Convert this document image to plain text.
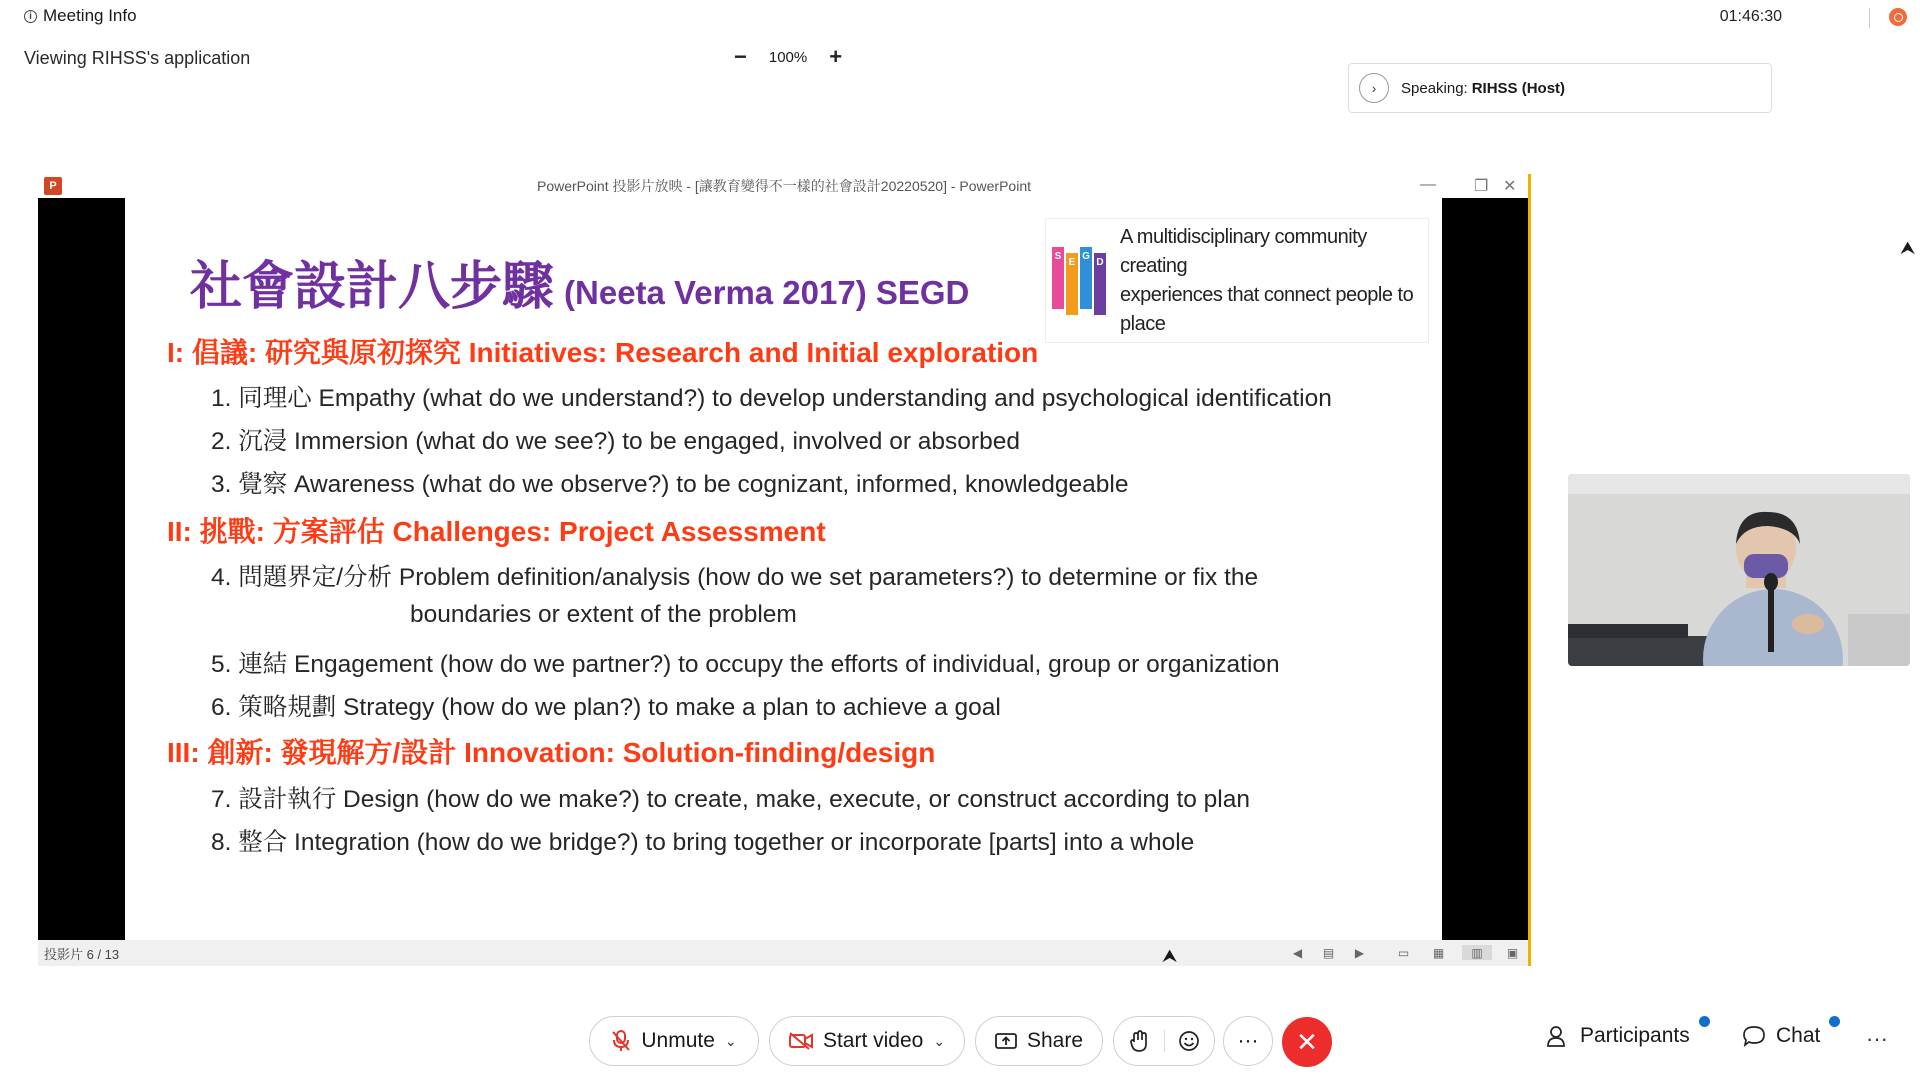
i Meeting Info	01:46:30
Viewing RIHSS's application	− 100% +
›	Speaking: RIHSS (Host)
P	PowerPoint 投影片放映 - [讓教育變得不一樣的社會設計20220520] - PowerPoint	— ❐ ✕
社會設計八步驟 (Neeta Verma 2017) SEGD
S
E
G
D
A multidisciplinary community creating
experiences that connect people to place
I: 倡議: 研究與原初探究 Initiatives: Research and Initial exploration
1. 同理心 Empathy (what do we understand?) to develop understanding and psychological identification
2. 沉浸 Immersion (what do we see?) to be engaged, involved or absorbed
3. 覺察 Awareness (what do we observe?) to be cognizant, informed, knowledgeable
II: 挑戰: 方案評估 Challenges: Project Assessment
4. 問題界定/分析 Problem definition/analysis (how do we set parameters?) to determine or fix the
boundaries or extent of the problem
5. 連結 Engagement (how do we partner?) to occupy the efforts of individual, group or organization
6. 策略規劃 Strategy (how do we plan?) to make a plan to achieve a goal
III: 創新: 發現解方/設計 Innovation: Solution-finding/design
7. 設計執行 Design (how do we make?) to create, make, execute, or construct according to plan
8. 整合 Integration (how do we bridge?) to bring together or incorporate [parts] into a whole
投影片 6 / 13	◀ ▤ ▶	▭ ▦	▥	▣
⮝
⮝
Unmute ⌄	Start video ⌄	Share	··· ✕	Participants	Chat ···
